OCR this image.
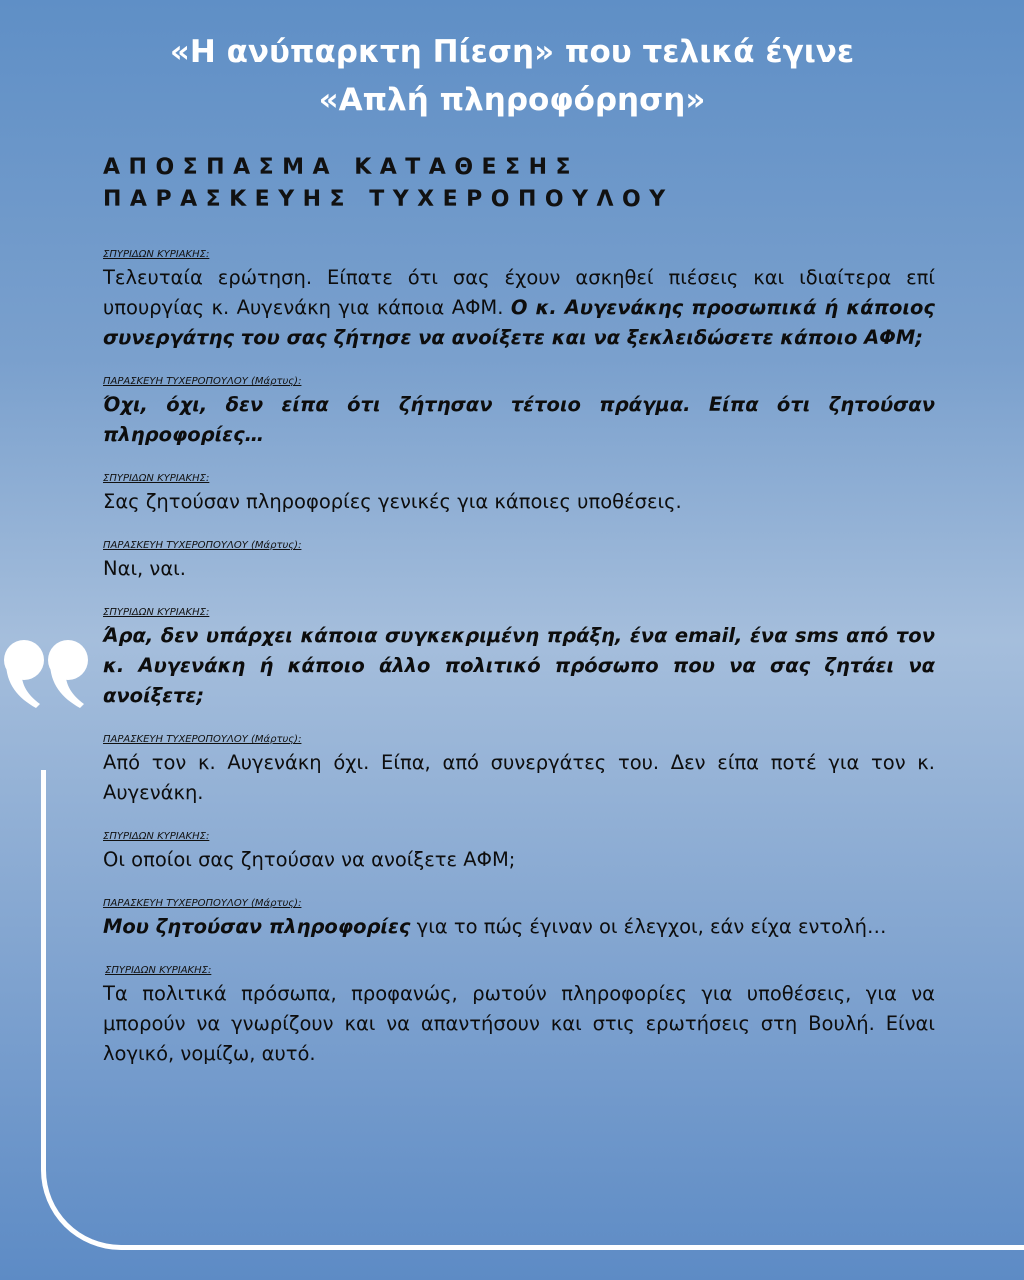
«Η ανύπαρκτη Πίεση» που τελικά έγινε
«Απλή πληροφόρηση»
ΑΠΟΣΠΑΣΜΑ ΚΑΤΑΘΕΣΗΣ
ΠΑΡΑΣΚΕΥΗΣ ΤΥΧΕΡΟΠΟΥΛΟΥ
ΣΠΥΡΙΔΩΝ ΚΥΡΙΑΚΗΣ:
Τελευταία ερώτηση. Είπατε ότι σας έχουν ασκηθεί πιέσεις και ιδιαίτερα επί υπουργίας κ. Αυγενάκη για κάποια ΑΦΜ. Ο κ. Αυγενάκης προσωπικά ή κάποιος συνεργάτης του σας ζήτησε να ανοίξετε και να ξεκλειδώσετε κάποιο ΑΦΜ;
ΠΑΡΑΣΚΕΥΗ ΤΥΧΕΡΟΠΟΥΛΟΥ (Μάρτυς):
Όχι, όχι, δεν είπα ότι ζήτησαν τέτοιο πράγμα. Είπα ότι ζητούσαν πληροφορίες…
ΣΠΥΡΙΔΩΝ ΚΥΡΙΑΚΗΣ:
Σας ζητούσαν πληροφορίες γενικές για κάποιες υποθέσεις.
ΠΑΡΑΣΚΕΥΗ ΤΥΧΕΡΟΠΟΥΛΟΥ (Μάρτυς):
Ναι, ναι.
ΣΠΥΡΙΔΩΝ ΚΥΡΙΑΚΗΣ:
Άρα, δεν υπάρχει κάποια συγκεκριμένη πράξη, ένα email, ένα sms από τον κ. Αυγενάκη ή κάποιο άλλο πολιτικό πρόσωπο που να σας ζητάει να ανοίξετε;
ΠΑΡΑΣΚΕΥΗ ΤΥΧΕΡΟΠΟΥΛΟΥ (Μάρτυς):
Από τον κ. Αυγενάκη όχι. Είπα, από συνεργάτες του. Δεν είπα ποτέ για τον κ. Αυγενάκη.
ΣΠΥΡΙΔΩΝ ΚΥΡΙΑΚΗΣ:
Οι οποίοι σας ζητούσαν να ανοίξετε ΑΦΜ;
ΠΑΡΑΣΚΕΥΗ ΤΥΧΕΡΟΠΟΥΛΟΥ (Μάρτυς):
Μου ζητούσαν πληροφορίες για το πώς έγιναν οι έλεγχοι, εάν είχα εντολή…
ΣΠΥΡΙΔΩΝ ΚΥΡΙΑΚΗΣ:
Τα πολιτικά πρόσωπα, προφανώς, ρωτούν πληροφορίες για υποθέσεις, για να μπορούν να γνωρίζουν και να απαντήσουν και στις ερωτήσεις στη Βουλή. Είναι λογικό, νομίζω, αυτό.
